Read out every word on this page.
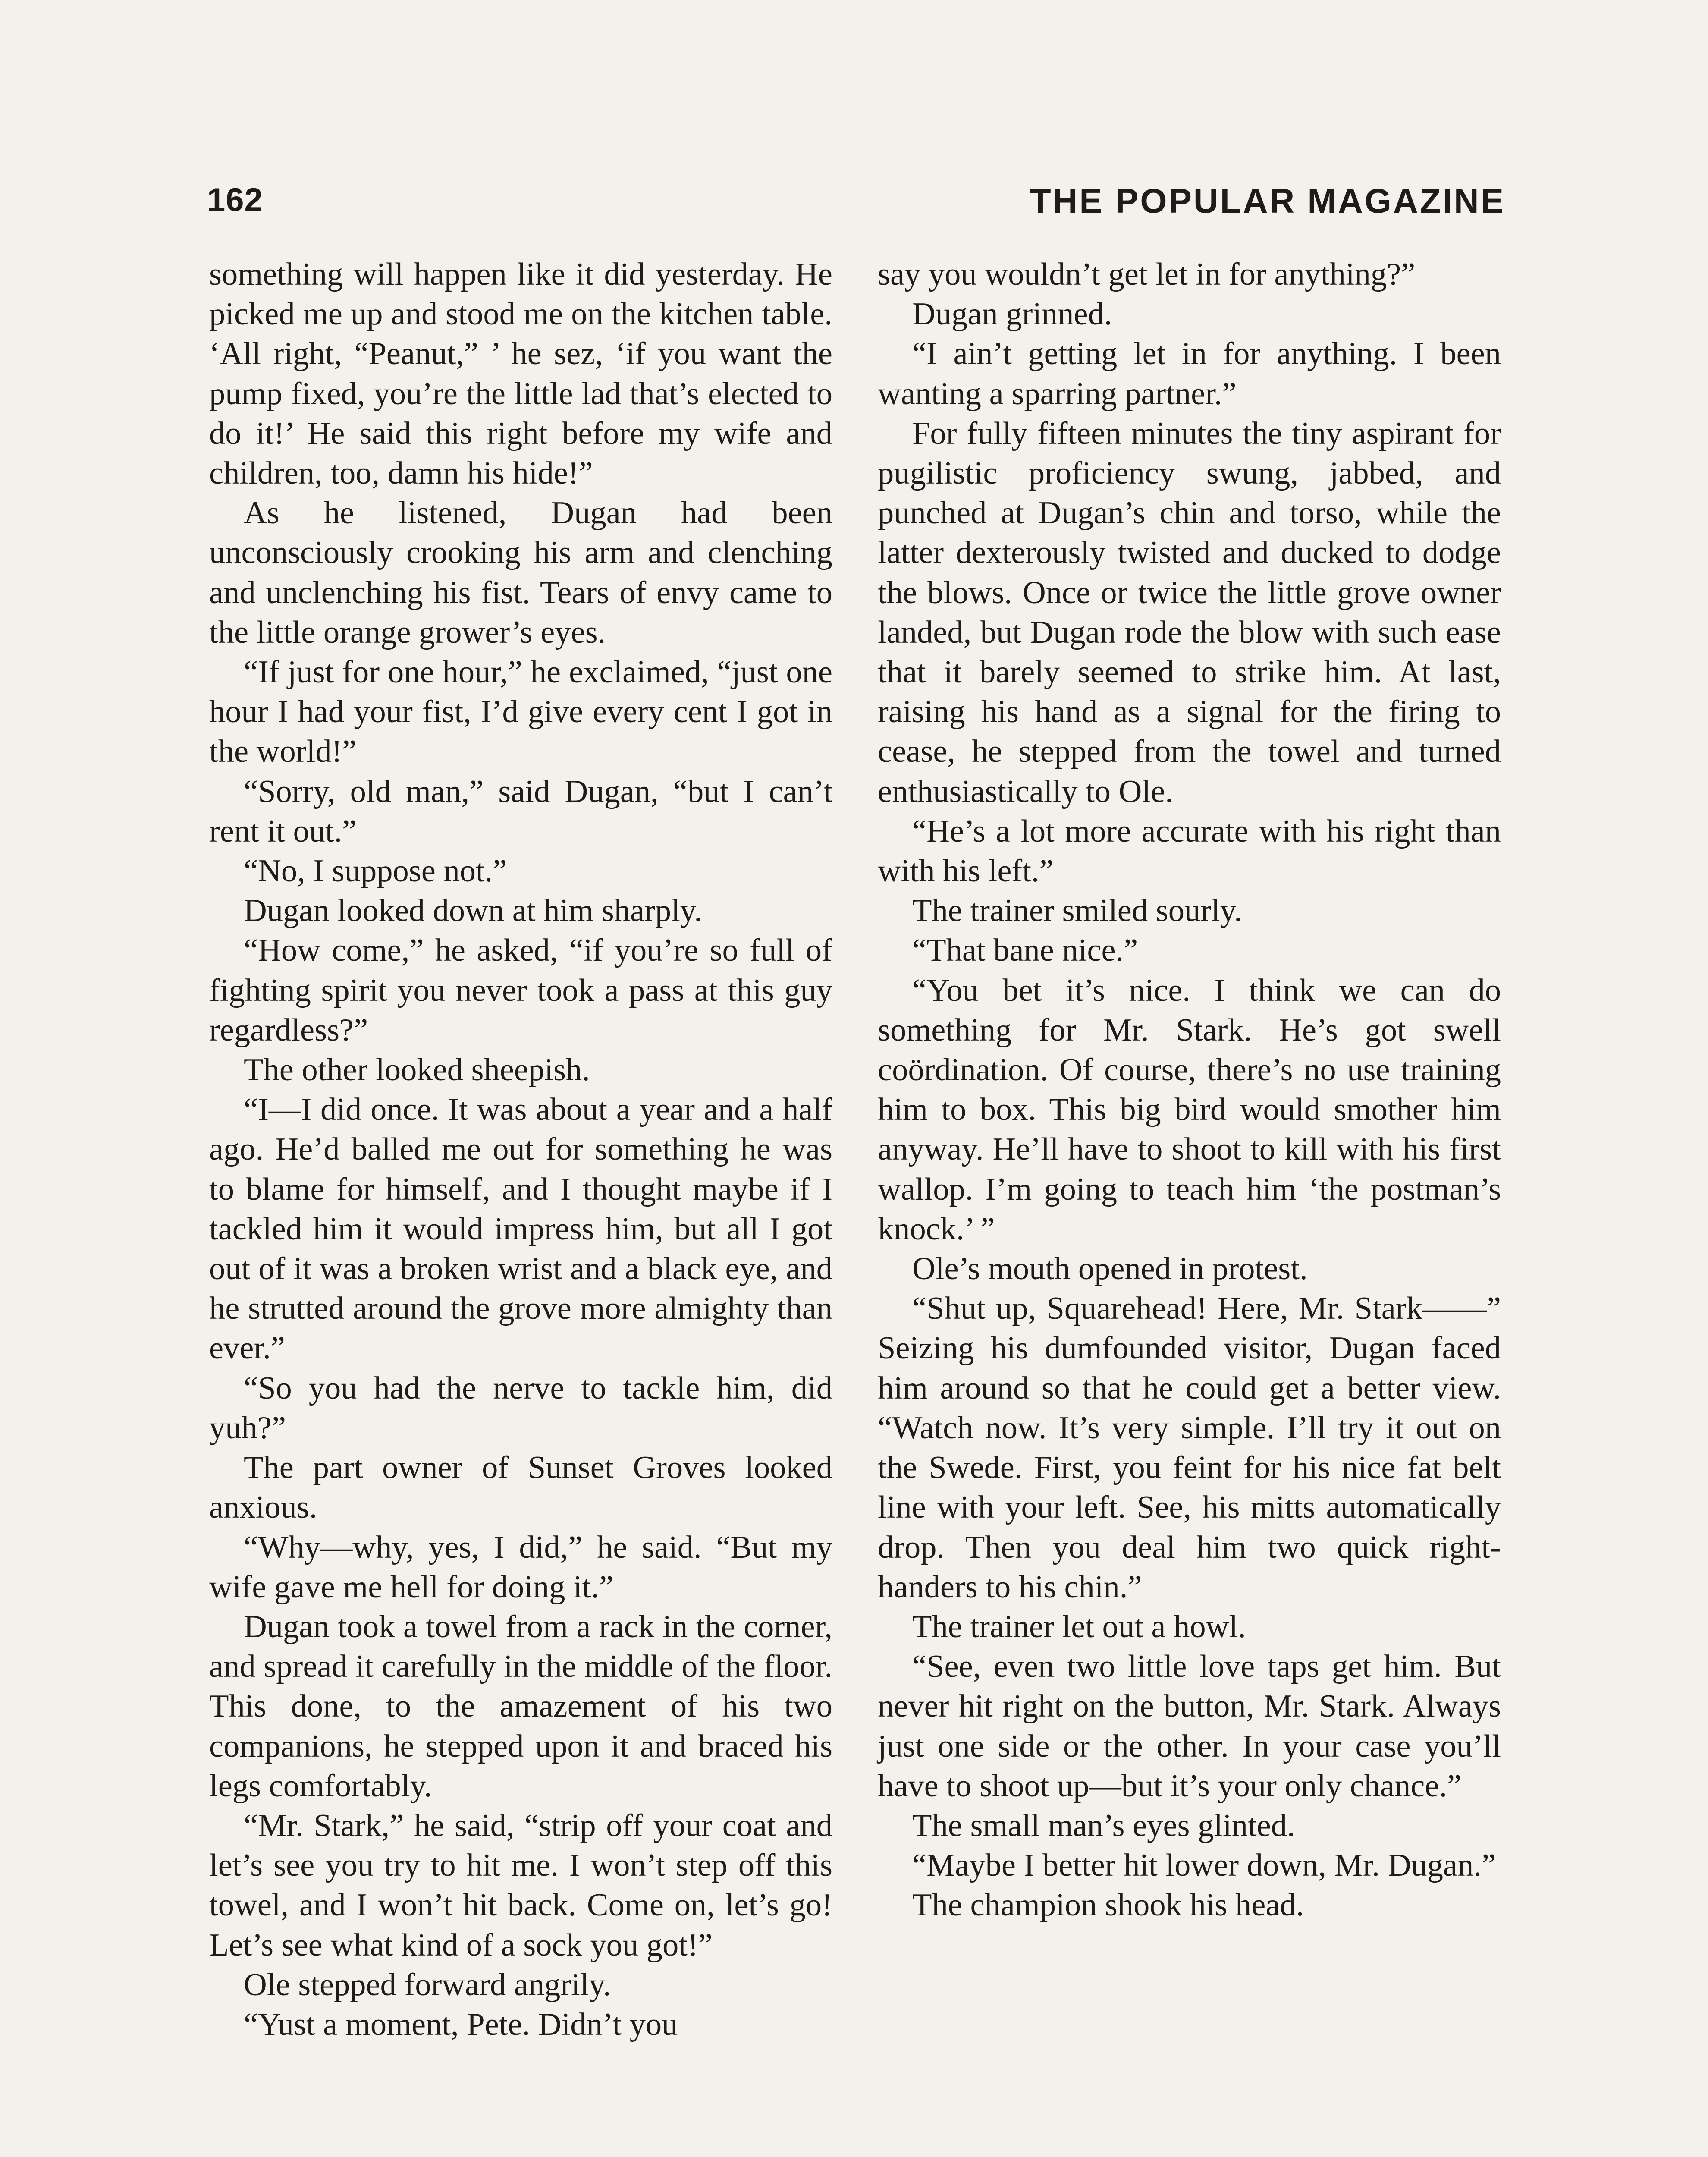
162	THE POPULAR MAGAZINE

something will happen like it did yesterday. He picked me up and stood me on the kitchen table. ‘All right, “Peanut,” ’ he sez, ‘if you want the pump fixed, you’re the little lad that’s elected to do it!’ He said this right before my wife and children, too, damn his hide!”

As he listened, Dugan had been unconsciously crooking his arm and clenching and unclenching his fist. Tears of envy came to the little orange grower’s eyes.

“If just for one hour,” he exclaimed, “just one hour I had your fist, I’d give every cent I got in the world!”

“Sorry, old man,” said Dugan, “but I can’t rent it out.”

“No, I suppose not.”

Dugan looked down at him sharply.

“How come,” he asked, “if you’re so full of fighting spirit you never took a pass at this guy regardless?”

The other looked sheepish.

“I—I did once. It was about a year and a half ago. He’d balled me out for something he was to blame for himself, and I thought maybe if I tackled him it would impress him, but all I got out of it was a broken wrist and a black eye, and he strutted around the grove more almighty than ever.”

“So you had the nerve to tackle him, did yuh?”

The part owner of Sunset Groves looked anxious.

“Why—why, yes, I did,” he said. “But my wife gave me hell for doing it.”

Dugan took a towel from a rack in the corner, and spread it carefully in the middle of the floor. This done, to the amazement of his two companions, he stepped upon it and braced his legs comfortably.

“Mr. Stark,” he said, “strip off your coat and let’s see you try to hit me. I won’t step off this towel, and I won’t hit back. Come on, let’s go! Let’s see what kind of a sock you got!”

Ole stepped forward angrily.

“Yust a moment, Pete. Didn’t you

say you wouldn’t get let in for anything?”

Dugan grinned.

“I ain’t getting let in for anything. I been wanting a sparring partner.”

For fully fifteen minutes the tiny aspirant for pugilistic proficiency swung, jabbed, and punched at Dugan’s chin and torso, while the latter dexterously twisted and ducked to dodge the blows. Once or twice the little grove owner landed, but Dugan rode the blow with such ease that it barely seemed to strike him. At last, raising his hand as a signal for the firing to cease, he stepped from the towel and turned enthusiastically to Ole.

“He’s a lot more accurate with his right than with his left.”

The trainer smiled sourly.

“That bane nice.”

“You bet it’s nice. I think we can do something for Mr. Stark. He’s got swell coördination. Of course, there’s no use training him to box. This big bird would smother him anyway. He’ll have to shoot to kill with his first wallop. I’m going to teach him ‘the postman’s knock.’ ”

Ole’s mouth opened in protest.

“Shut up, Squarehead! Here, Mr. Stark——” Seizing his dumfounded visitor, Dugan faced him around so that he could get a better view. “Watch now. It’s very simple. I’ll try it out on the Swede. First, you feint for his nice fat belt line with your left. See, his mitts automatically drop. Then you deal him two quick right-handers to his chin.”

The trainer let out a howl.

“See, even two little love taps get him. But never hit right on the button, Mr. Stark. Always just one side or the other. In your case you’ll have to shoot up—but it’s your only chance.”

The small man’s eyes glinted.

“Maybe I better hit lower down, Mr. Dugan.”

The champion shook his head.
